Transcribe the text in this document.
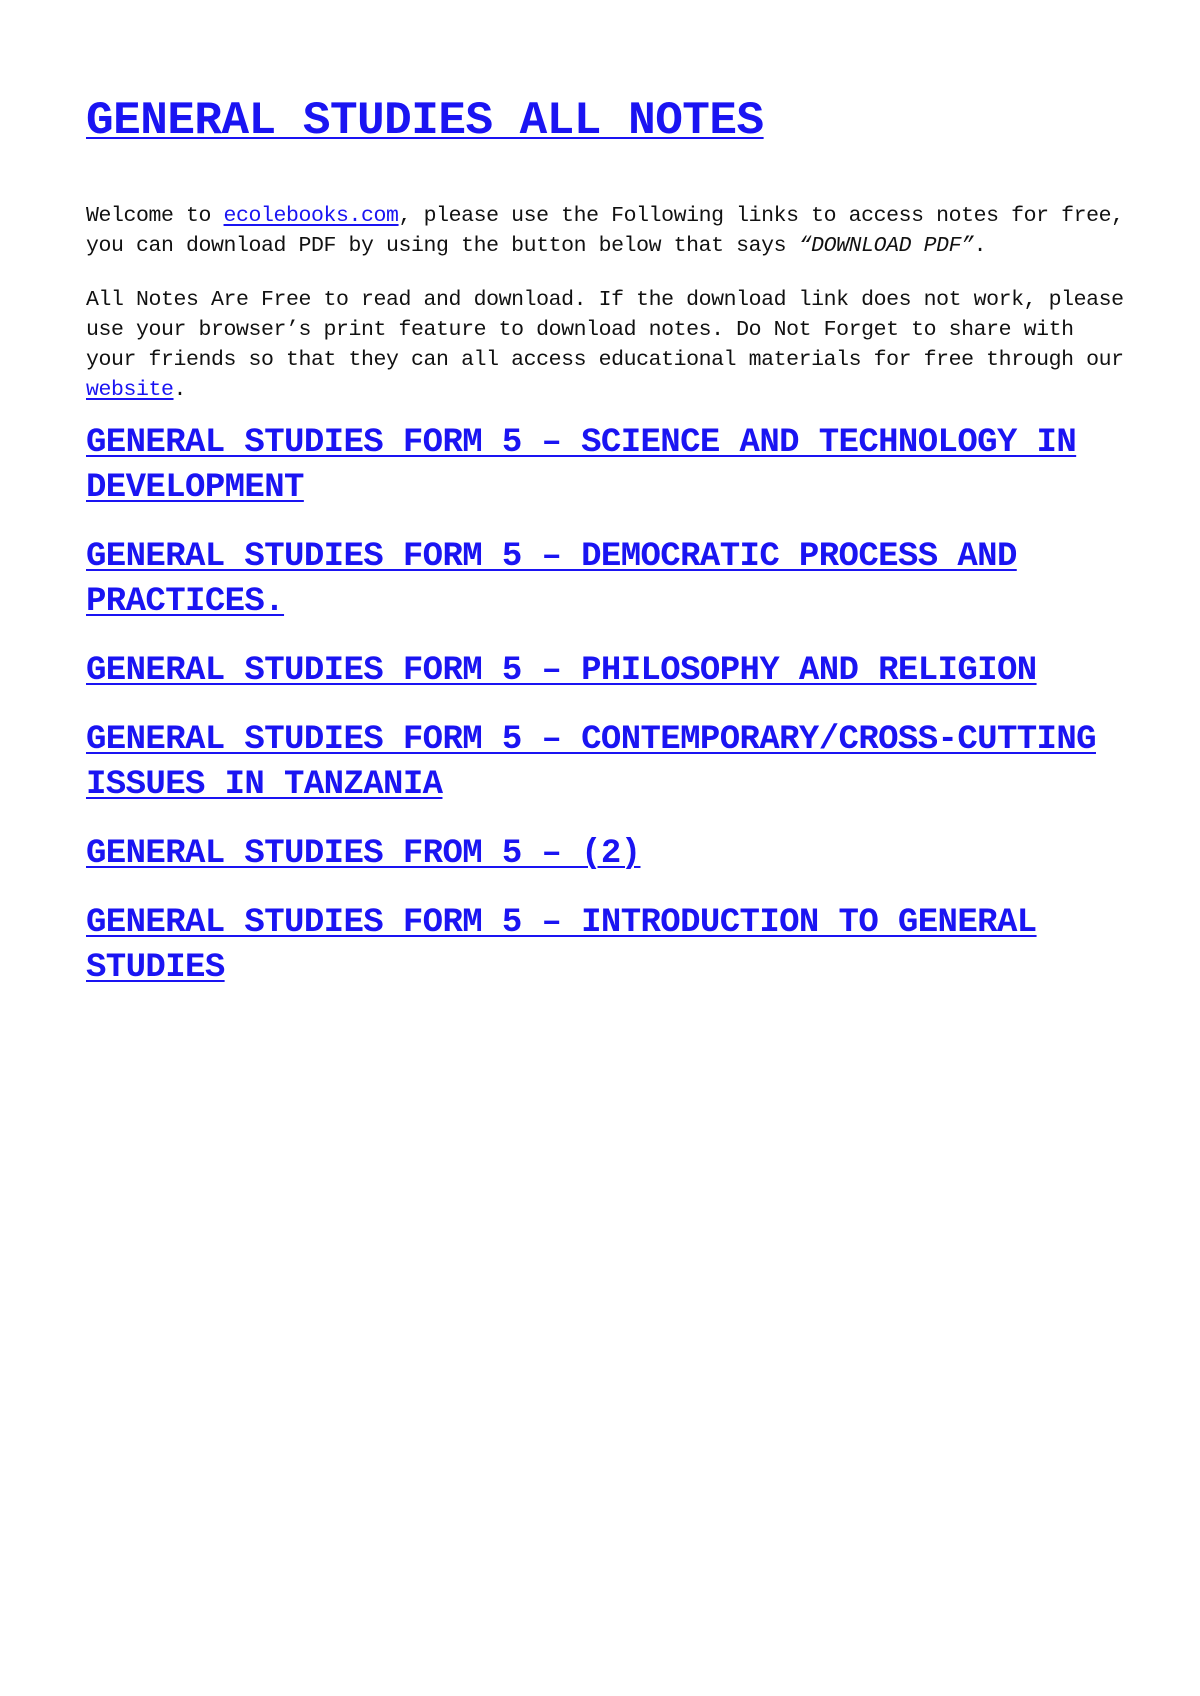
GENERAL STUDIES ALL NOTES

Welcome to ecolebooks.com, please use the Following links to access notes for free, you can download PDF by using the button below that says “DOWNLOAD PDF”.

All Notes Are Free to read and download. If the download link does not work, please use your browser’s print feature to download notes. Do Not Forget to share with your friends so that they can all access educational materials for free through our website.

GENERAL STUDIES FORM 5 – SCIENCE AND TECHNOLOGY IN DEVELOPMENT
GENERAL STUDIES FORM 5 – DEMOCRATIC PROCESS AND PRACTICES.
GENERAL STUDIES FORM 5 – PHILOSOPHY AND RELIGION
GENERAL STUDIES FORM 5 – CONTEMPORARY/CROSS-CUTTING ISSUES IN TANZANIA
GENERAL STUDIES FROM 5 – (2)
GENERAL STUDIES FORM 5 – INTRODUCTION TO GENERAL STUDIES
